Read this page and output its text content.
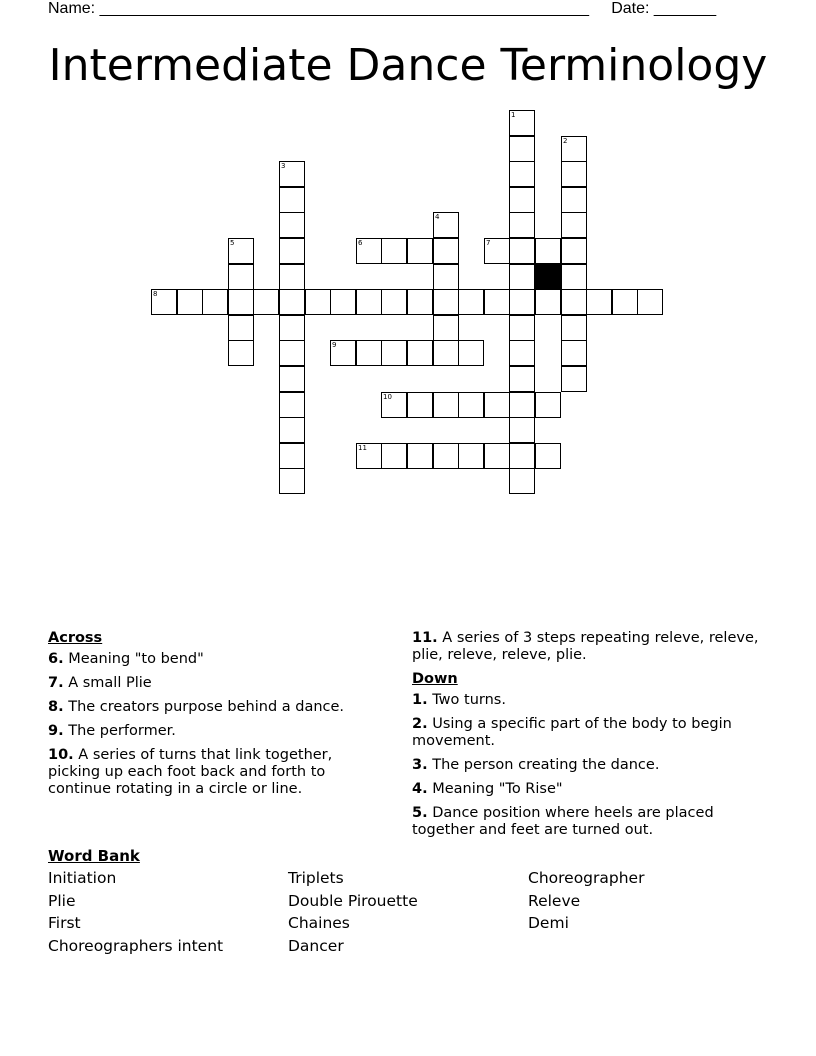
Name: _______________________________________________________     Date: _______
Intermediate Dance Terminology
1
2
3
4
5	6	7
8
9
10
11
Across
6. Meaning "to bend"
7. A small Plie
8. The creators purpose behind a dance.
9. The performer.
10. A series of turns that link together, picking up each foot back and forth to continue rotating in a circle or line.
11. A series of 3 steps repeating releve, releve, plie, releve, releve, plie.
Down
1. Two turns.
2. Using a specific part of the body to begin movement.
3. The person creating the dance.
4. Meaning "To Rise"
5. Dance position where heels are placed together and feet are turned out.
Word Bank
Initiation
Plie
First
Choreographers intent
Triplets
Double Pirouette
Chaines
Dancer
Choreographer
Releve
Demi
